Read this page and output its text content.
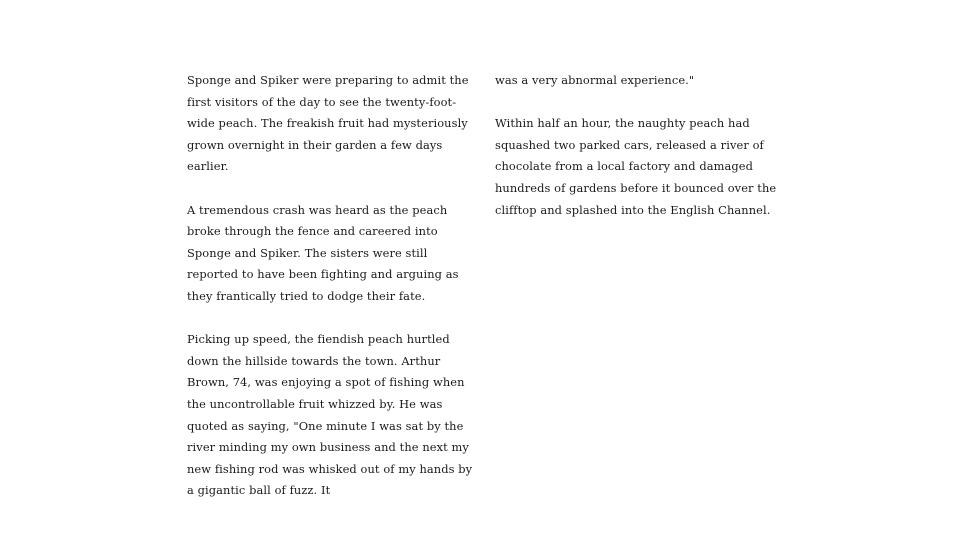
Sponge and Spiker were preparing to admit the first visitors of the day to see the twenty-foot-wide peach. The freakish fruit had mysteriously grown overnight in their garden a few days earlier.

A tremendous crash was heard as the peach broke through the fence and careered into Sponge and Spiker. The sisters were still reported to have been fighting and arguing as they frantically tried to dodge their fate.

Picking up speed, the fiendish peach hurtled down the hillside towards the town. Arthur Brown, 74, was enjoying a spot of fishing when the uncontrollable fruit whizzed by. He was quoted as saying, "One minute I was sat by the river minding my own business and the next my new fishing rod was whisked out of my hands by a gigantic ball of fuzz. It

was a very abnormal experience."

Within half an hour, the naughty peach had squashed two parked cars, released a river of chocolate from a local factory and damaged hundreds of gardens before it bounced over the clifftop and splashed into the English Channel.
